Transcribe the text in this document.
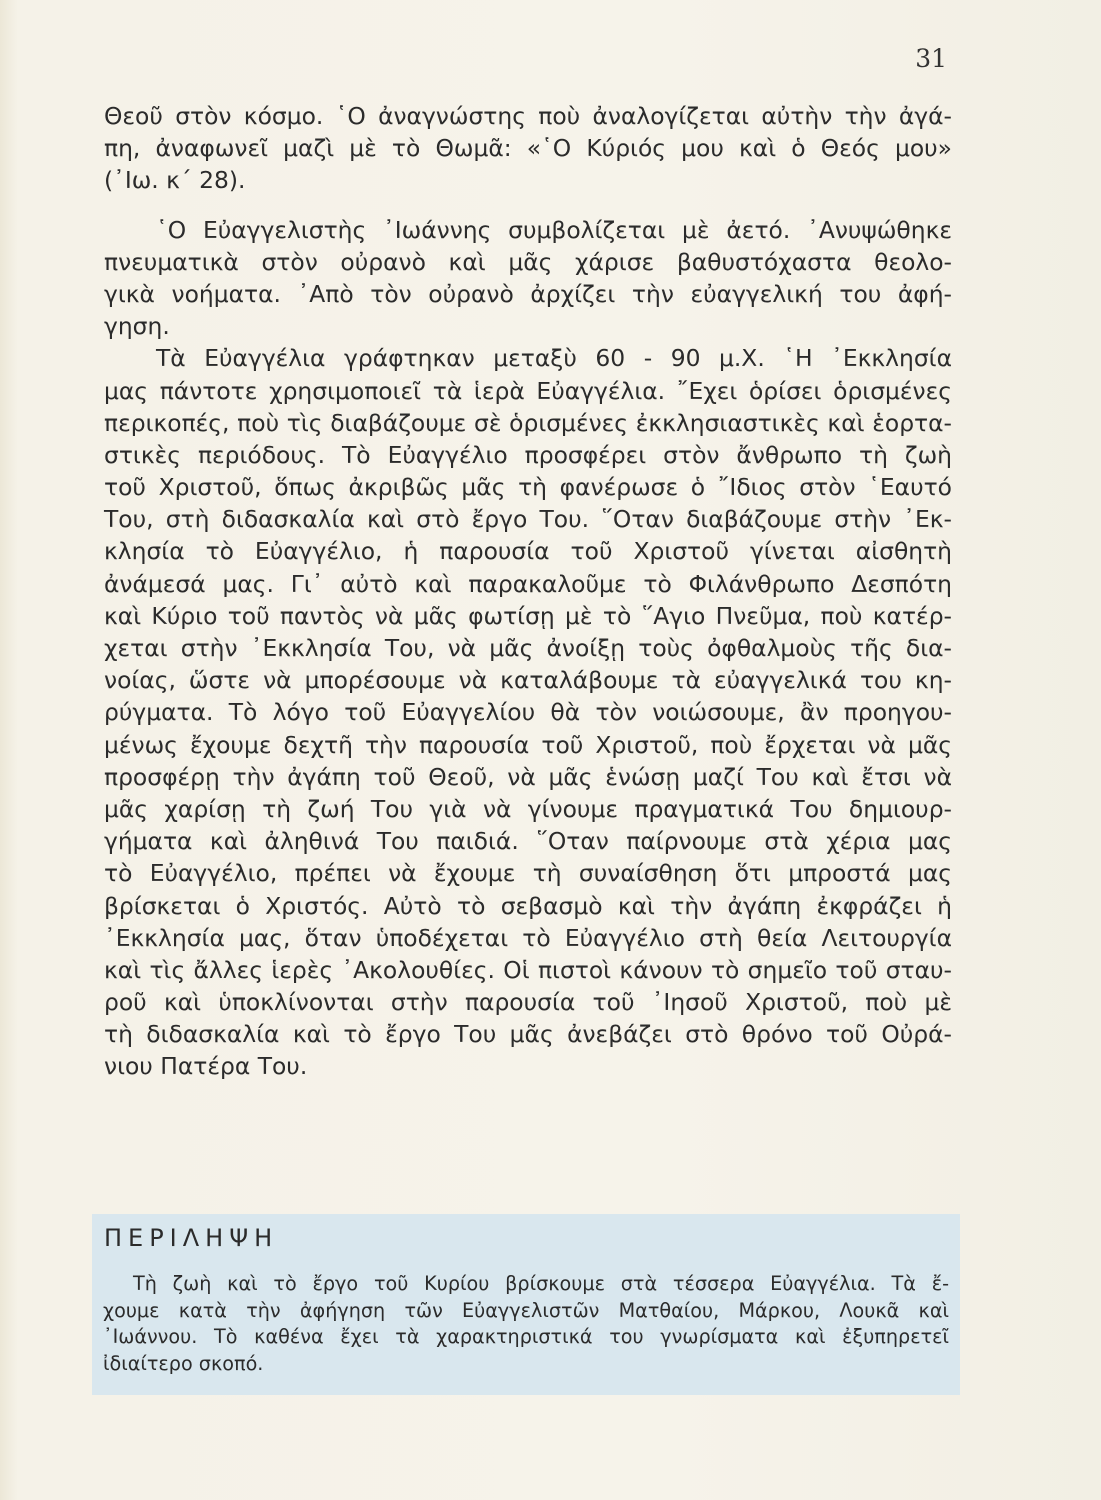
31
Θεοῦ στὸν κόσμο. ῾Ο ἀναγνώστης ποὺ ἀναλογίζεται αὐτὴν τὴν ἀγά-
πη, ἀναφωνεῖ μαζὶ μὲ τὸ Θωμᾶ: «῾Ο Κύριός μου καὶ ὁ Θεός μου»
(᾿Ιω. κ΄ 28).
῾Ο Εὐαγγελιστὴς ᾿Ιωάννης συμβολίζεται μὲ ἀετό. ᾿Ανυψώθηκε
πνευματικὰ στὸν οὐρανὸ καὶ μᾶς χάρισε βαθυστόχαστα θεολο-
γικὰ νοήματα. ᾿Απὸ τὸν οὐρανὸ ἀρχίζει τὴν εὐαγγελική του ἀφή-
γηση.
Τὰ Εὐαγγέλια γράφτηκαν μεταξὺ 60 - 90 μ.Χ. ῾Η ᾿Εκκλησία
μας πάντοτε χρησιμοποιεῖ τὰ ἱερὰ Εὐαγγέλια. ῎Εχει ὁρίσει ὁρισμένες
περικοπές, ποὺ τὶς διαβάζουμε σὲ ὁρισμένες ἐκκλησιαστικὲς καὶ ἑορτα-
στικὲς περιόδους. Τὸ Εὐαγγέλιο προσφέρει στὸν ἄνθρωπο τὴ ζωὴ
τοῦ Χριστοῦ, ὅπως ἀκριβῶς μᾶς τὴ φανέρωσε ὁ ῎Ιδιος στὸν ῾Εαυτό
Του, στὴ διδασκαλία καὶ στὸ ἔργο Του. ῞Οταν διαβάζουμε στὴν ᾿Εκ-
κλησία τὸ Εὐαγγέλιο, ἡ παρουσία τοῦ Χριστοῦ γίνεται αἰσθητὴ
ἀνάμεσά μας. Γι᾿ αὐτὸ καὶ παρακαλοῦμε τὸ Φιλάνθρωπο Δεσπότη
καὶ Κύριο τοῦ παντὸς νὰ μᾶς φωτίσῃ μὲ τὸ ῞Αγιο Πνεῦμα, ποὺ κατέρ-
χεται στὴν ᾿Εκκλησία Του, νὰ μᾶς ἀνοίξῃ τοὺς ὀφθαλμοὺς τῆς δια-
νοίας, ὥστε νὰ μπορέσουμε νὰ καταλάβουμε τὰ εὐαγγελικά του κη-
ρύγματα. Τὸ λόγο τοῦ Εὐαγγελίου θὰ τὸν νοιώσουμε, ἂν προηγου-
μένως ἔχουμε δεχτῆ τὴν παρουσία τοῦ Χριστοῦ, ποὺ ἔρχεται νὰ μᾶς
προσφέρῃ τὴν ἀγάπη τοῦ Θεοῦ, νὰ μᾶς ἑνώσῃ μαζί Του καὶ ἔτσι νὰ
μᾶς χαρίσῃ τὴ ζωή Του γιὰ νὰ γίνουμε πραγματικά Του δημιουρ-
γήματα καὶ ἀληθινά Του παιδιά. ῞Οταν παίρνουμε στὰ χέρια μας
τὸ Εὐαγγέλιο, πρέπει νὰ ἔχουμε τὴ συναίσθηση ὅτι μπροστά μας
βρίσκεται ὁ Χριστός. Αὐτὸ τὸ σεβασμὸ καὶ τὴν ἀγάπη ἐκφράζει ἡ
᾿Εκκλησία μας, ὅταν ὑποδέχεται τὸ Εὐαγγέλιο στὴ θεία Λειτουργία
καὶ τὶς ἄλλες ἱερὲς ᾿Ακολουθίες. Οἱ πιστοὶ κάνουν τὸ σημεῖο τοῦ σταυ-
ροῦ καὶ ὑποκλίνονται στὴν παρουσία τοῦ ᾿Ιησοῦ Χριστοῦ, ποὺ μὲ
τὴ διδασκαλία καὶ τὸ ἔργο Του μᾶς ἀνεβάζει στὸ θρόνο τοῦ Οὐρά-
νιου Πατέρα Του.
ΠΕΡΙΛΗΨΗ
Τὴ ζωὴ καὶ τὸ ἔργο τοῦ Κυρίου βρίσκουμε στὰ τέσσερα Εὐαγγέλια. Τὰ ἔ-
χουμε κατὰ τὴν ἀφήγηση τῶν Εὐαγγελιστῶν Ματθαίου, Μάρκου, Λουκᾶ καὶ
᾿Ιωάννου. Τὸ καθένα ἔχει τὰ χαρακτηριστικά του γνωρίσματα καὶ ἐξυπηρετεῖ
ἰδιαίτερο σκοπό.
